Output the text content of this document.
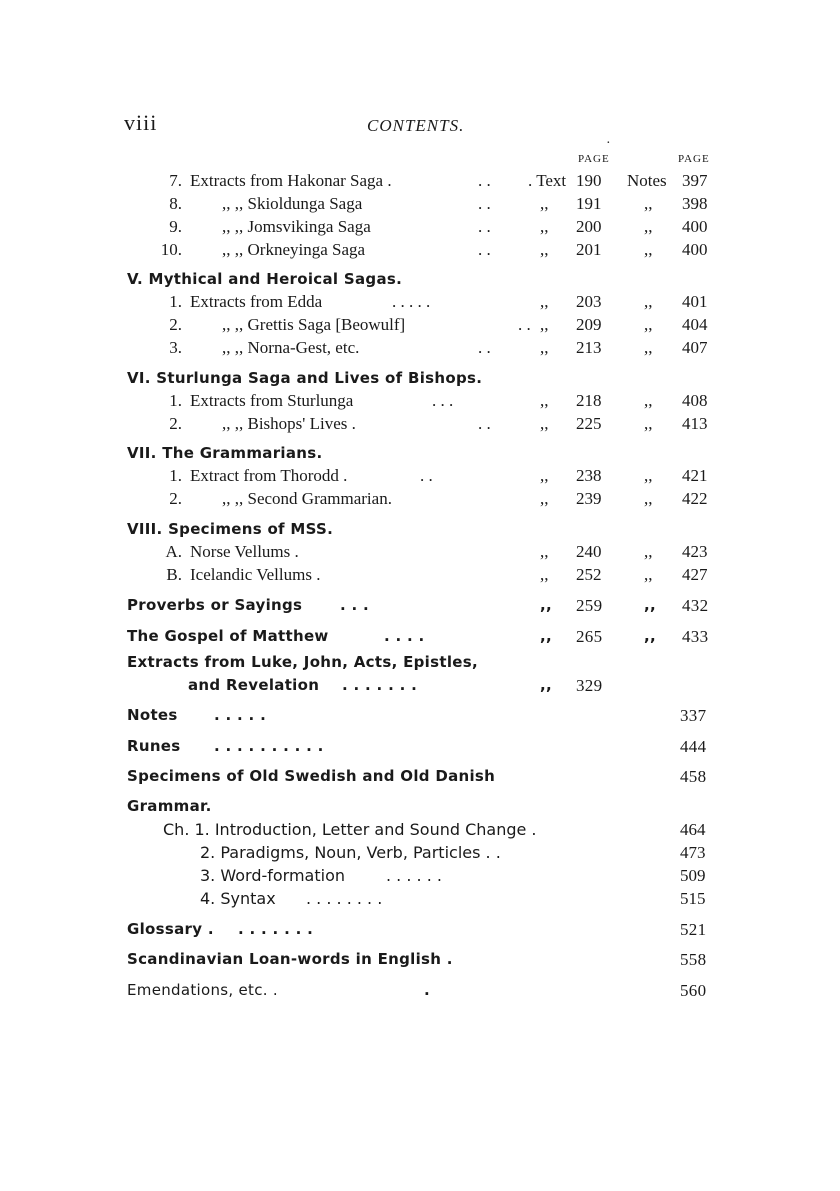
viii	CONTENTS.
·
PAGE	PAGE
7. Extracts from Hakonar Saga .	. . . Text 190 Notes 397
8. ,, ,, Skioldunga Saga	. .	,, 191	,, 398
9. ,, ,, Jomsvikinga Saga	. .	,, 200	,, 400
10. ,, ,, Orkneyinga Saga	. .	,, 201	,, 400
V. Mythical and Heroical Sagas.
1. Extracts from Edda	. . . . .	,, 203	,, 401
2. ,, ,, Grettis Saga [Beowulf]	. . ,, 209	,, 404
3. ,, ,, Norna-Gest, etc.	. .	,, 213	,, 407
VI. Sturlunga Saga and Lives of Bishops.
1. Extracts from Sturlunga	. . .	,, 218	,, 408
2. ,, ,, Bishops' Lives .	. .	,, 225	,, 413
VII. The Grammarians.
1. Extract from Thorodd .	. .	,, 238	,, 421
2. ,, ,, Second Grammarian.	,, 239	,, 422
VIII. Specimens of MSS.
A. Norse Vellums .	,, 240	,, 423
B. Icelandic Vellums .	,, 252	,, 427
Proverbs or Sayings	. . .	,, 259	,, 432
The Gospel of Matthew	. . . .	,, 265	,, 433
Extracts from Luke, John, Acts, Epistles,
and Revelation . . . . . . .	,, 329
Notes . . . . .	337
Runes . . . . . . . . . .	444
Specimens of Old Swedish and Old Danish	458
Grammar.
Ch. 1. Introduction, Letter and Sound Change .	464
2. Paradigms, Noun, Verb, Particles . .	473
3. Word-formation	. . . . . .	509
4. Syntax . . . . . . . .	515
Glossary . . . . . . . .	521
Scandinavian Loan-words in English .	558
Emendations, etc. .	.	560
